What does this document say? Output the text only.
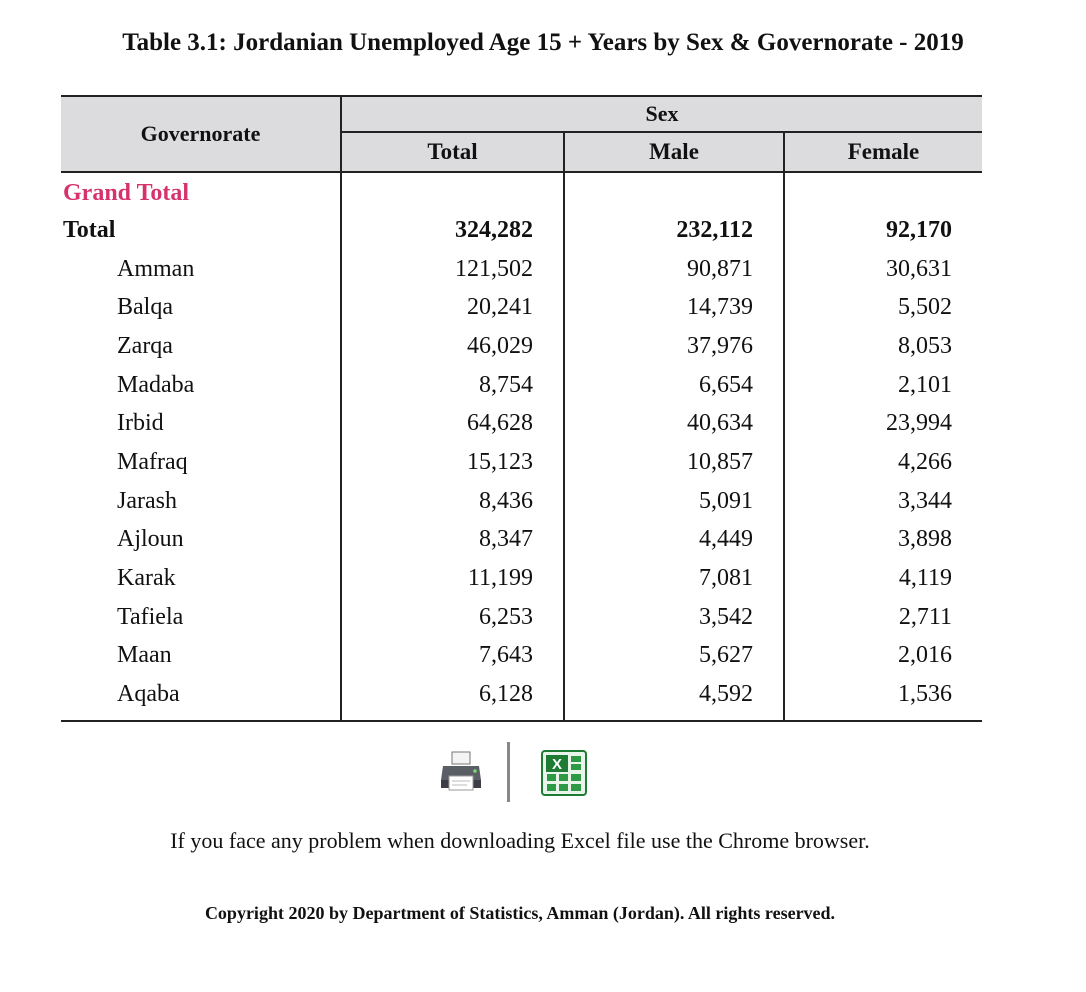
Table 3.1: Jordanian Unemployed Age 15 + Years by Sex & Governorate - 2019
Governorate	Sex		
	Total	Male	Female
Grand Total			
Total	324,282	232,112	92,170
Amman	121,502	90,871	30,631
Balqa	20,241	14,739	5,502
Zarqa	46,029	37,976	8,053
Madaba	8,754	6,654	2,101
Irbid	64,628	40,634	23,994
Mafraq	15,123	10,857	4,266
Jarash	8,436	5,091	3,344
Ajloun	8,347	4,449	3,898
Karak	11,199	7,081	4,119
Tafiela	6,253	3,542	2,711
Maan	7,643	5,627	2,016
Aqaba	6,128	4,592	1,536
X
If you face any problem when downloading Excel file use the Chrome browser.
Copyright 2020 by Department of Statistics, Amman (Jordan). All rights reserved.
